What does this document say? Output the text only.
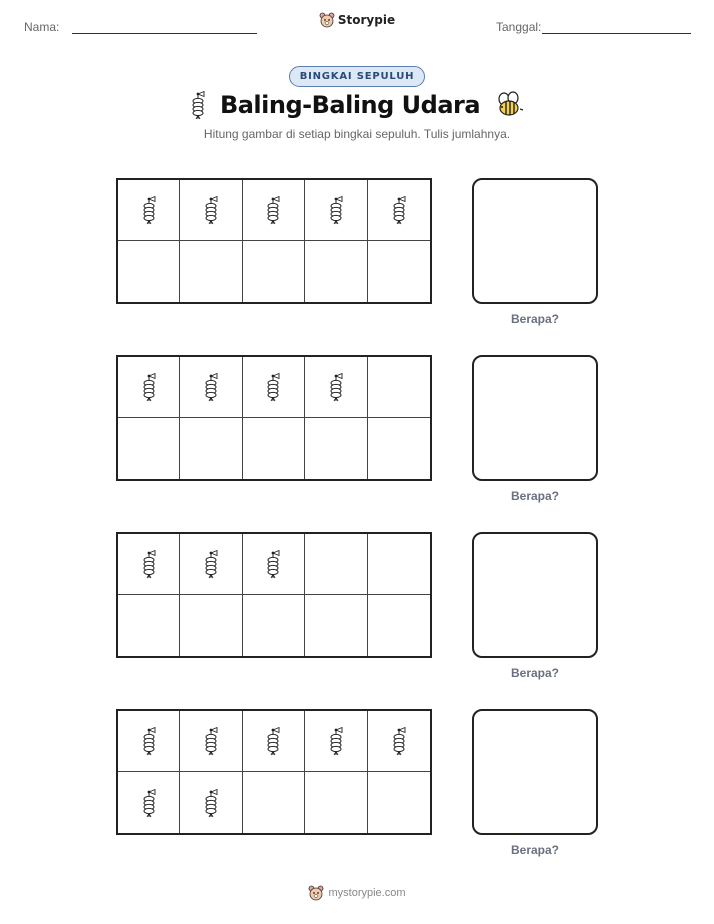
Nama:	Storypie	Tanggal:
BINGKAI SEPULUH
Baling-Baling Udara
Hitung gambar di setiap bingkai sepuluh. Tulis jumlahnya.
Berapa?
Berapa?
Berapa?
Berapa?
mystorypie.com
